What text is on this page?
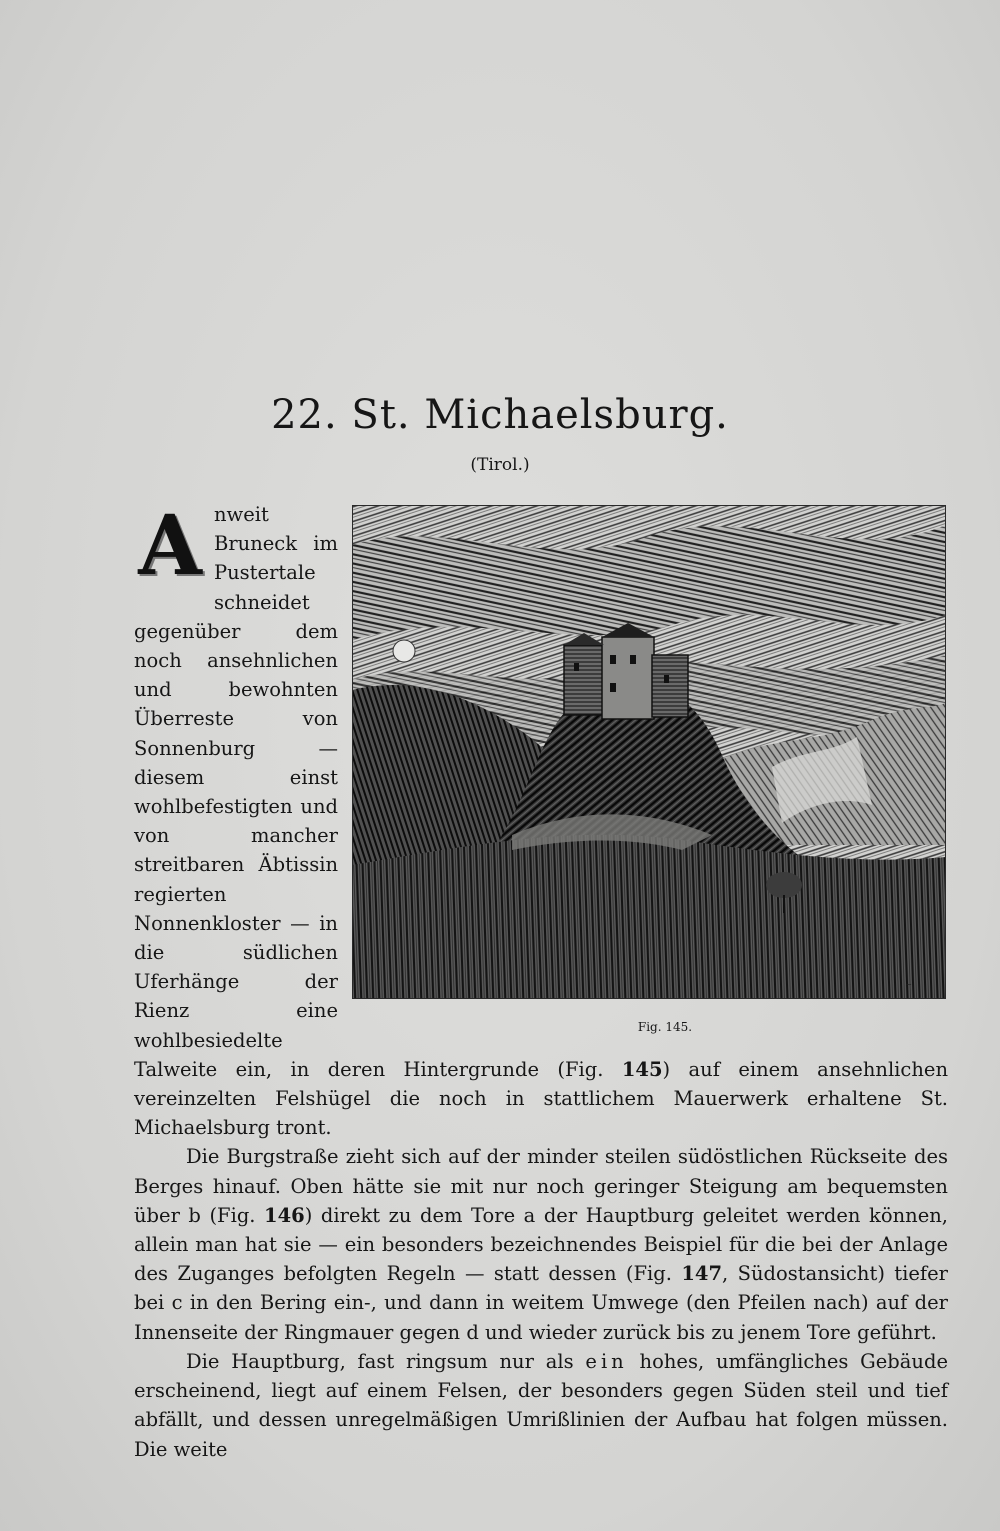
22. St. Michaelsburg.
(Tirol.)

A
~
Fig. 145.
nweit Bruneck im Pustertale schneidet gegenüber dem noch ansehnlichen und bewohnten Überreste von Sonnenburg — diesem einst wohlbefestigten und von mancher streitbaren Äbtissin regierten Nonnenkloster — in die südlichen Uferhänge der Rienz eine wohlbesiedelte Talweite ein, in deren Hintergrunde (Fig. 145) auf einem ansehnlichen vereinzelten Felshügel die noch in stattlichem Mauerwerk erhaltene St. Michaelsburg tront.

Die Burgstraße zieht sich auf der minder steilen südöstlichen Rückseite des Berges hinauf. Oben hätte sie mit nur noch geringer Steigung am bequemsten über b (Fig. 146) direkt zu dem Tore a der Hauptburg geleitet werden können, allein man hat sie — ein besonders bezeichnendes Beispiel für die bei der Anlage des Zuganges befolgten Regeln — statt dessen (Fig. 147, Südostansicht) tiefer bei c in den Bering ein-, und dann in weitem Umwege (den Pfeilen nach) auf der Innenseite der Ringmauer gegen d und wieder zurück bis zu jenem Tore geführt.

Die Hauptburg, fast ringsum nur als ein hohes, umfängliches Gebäude erscheinend, liegt auf einem Felsen, der besonders gegen Süden steil und tief abfällt, und dessen unregelmäßigen Umrißlinien der Aufbau hat folgen müssen. Die weite
